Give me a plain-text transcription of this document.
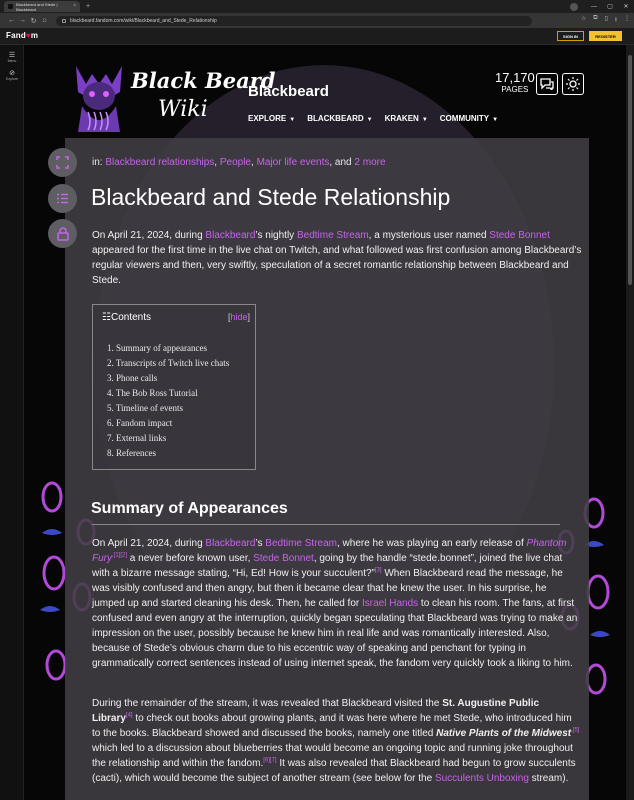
Blackbeard and Stede | Blackbeard	× +	—	▢	✕
← → ↻ ⌂	blackbeard.fandom.com/wiki/Blackbeard_and_Stede_Relationship	☆ ⧉ ▯ ⭳ ⋮
Fand♥m	SIGN IN	REGISTER
☰
Menu
⊘
Explore	Black Beard
Wiki
Blackbeard
EXPLORE ▼ BLACKBEARD ▼ KRAKEN ▼ COMMUNITY ▼
17,170
PAGES
in: Blackbeard relationships, People, Major life events, and 2 more
Blackbeard and Stede Relationship

On April 21, 2024, during Blackbeard’s nightly Bedtime Stream, a mysterious user named Stede Bonnet appeared for the first time in the live chat on Twitch, and what followed was first confusion among Blackbeard’s regular viewers and then, very swiftly, speculation of a secret romantic relationship between Blackbeard and Stede.

☷Contents	[hide]
1. Summary of appearances
2. Transcripts of Twitch live chats
3. Phone calls
4. The Bob Ross Tutorial
5. Timeline of events
6. Fandom impact
7. External links
8. References
Summary of Appearances

On April 21, 2024, during Blackbeard’s Bedtime Stream, where he was playing an early release of Phantom Fury$^{,[1][2]}$ a never before known user, Stede Bonnet, going by the handle “stede.bonnet”, joined the live chat with a bizarre message stating, “Hi, Ed! How is your succulent?”[3] When Blackbeard read the message, he was visibly confused and then angry, but then it became clear that he knew the user. In his surprise, he jumped up and started cleaning his desk. Then, he called for Israel Hands to clean his room. The fans, at first confused and even angry at the interruption, quickly began speculating that Blackbeard was trying to make an impression on the user, possibly because he knew him in real life and was romantically interested. Also, because of Stede’s obvious charm due to his eccentric way of speaking and penchant for typing in grammatically correct sentences instead of using internet speak, the fandom very quickly took a liking to him.

During the remainder of the stream, it was revealed that Blackbeard visited the St. Augustine Public Library[4] to check out books about growing plants, and it was here where he met Stede, who introduced him to the books. Blackbeard showed and discussed the books, namely one titled Native Plants of the Midwest$^{,[5]}$ which led to a discussion about blueberries that would become an ongoing topic and running joke throughout the relationship and within the fandom.[6][7] It was also revealed that Blackbeard had begun to grow succulents (cacti), which would become the subject of another stream (see below for the Succulents Unboxing stream).
